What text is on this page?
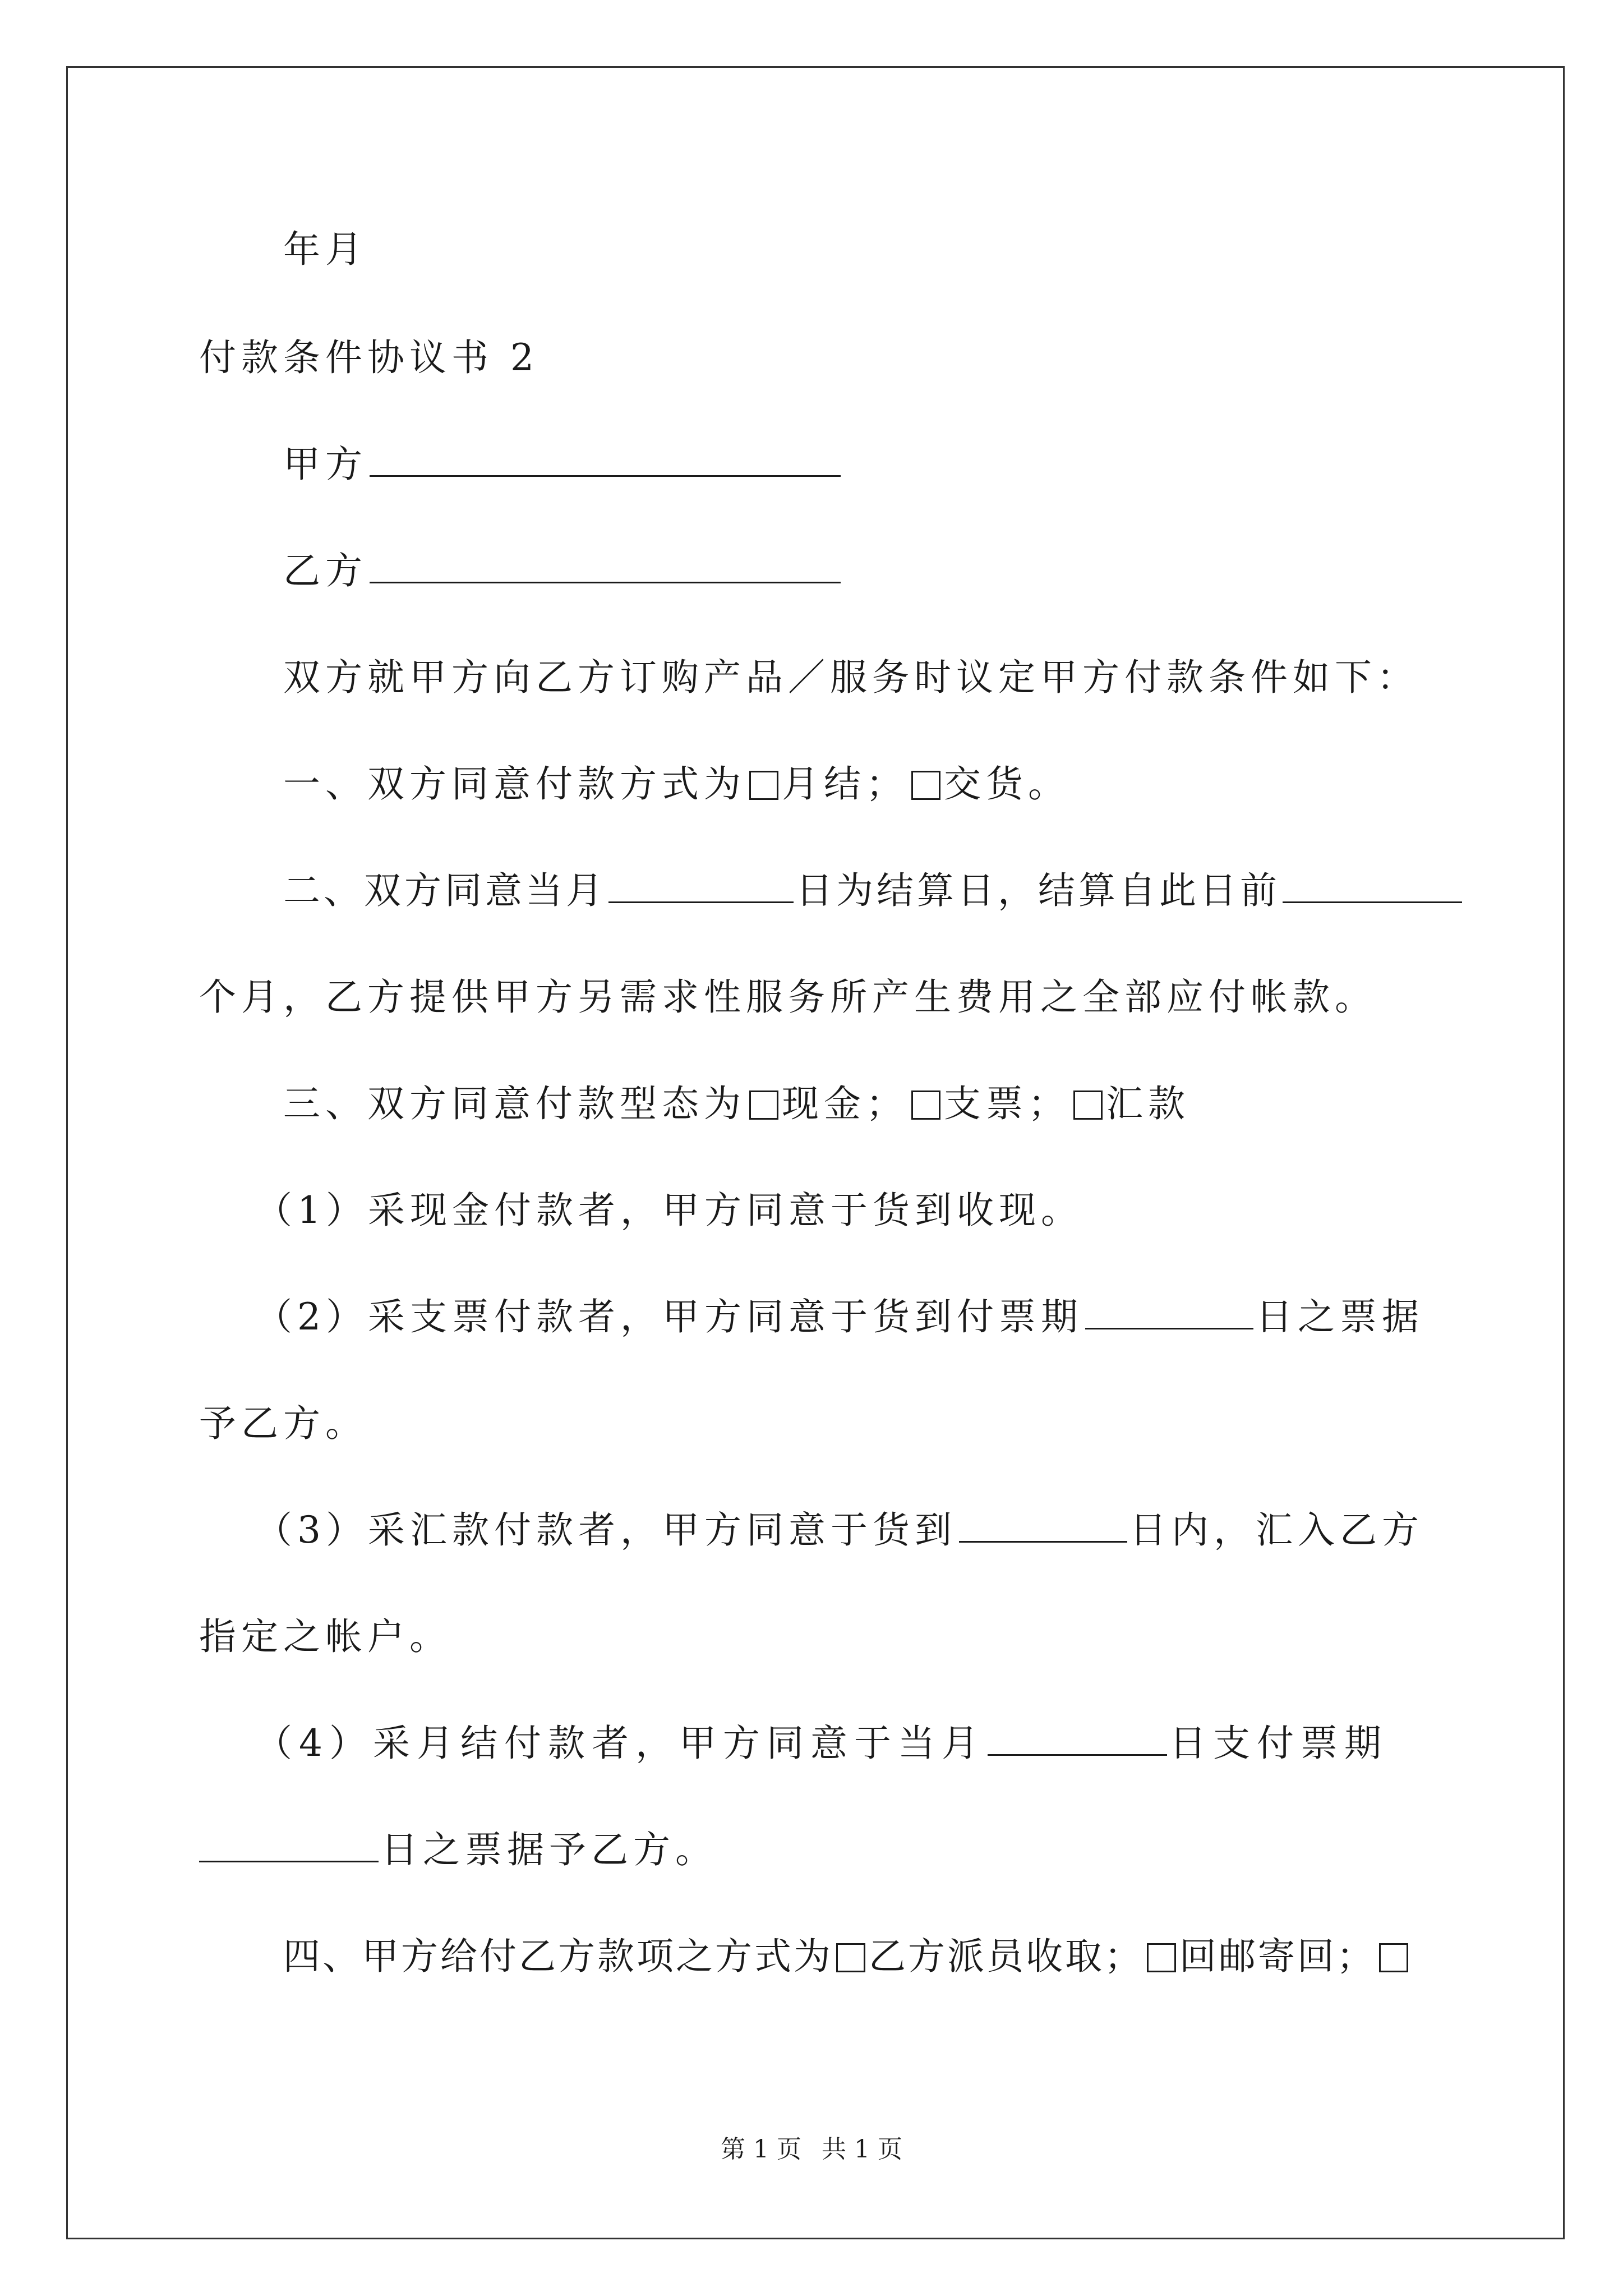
年月
付款条件协议书 2
甲方
乙方
双方就甲方向乙方订购产品／服务时议定甲方付款条件如下：
一、双方同意付款方式为 月结； 交货。
二、双方同意当月	日为结算日，结算自此日前
个月，乙方提供甲方另需求性服务所产生费用之全部应付帐款。
三、双方同意付款型态为 现金； 支票； 汇款
（1）采现金付款者，甲方同意于货到收现。
（2）采支票付款者，甲方同意于货到付票期	日之票据
予乙方。
（3）采汇款付款者，甲方同意于货到	日内，汇入乙方
指定之帐户。
（4）采月结付款者，甲方同意于当月	日支付票期
日之票据予乙方。
四、甲方给付乙方款项之方式为 乙方派员收取； 回邮寄回；
第 1 页 共 1 页
